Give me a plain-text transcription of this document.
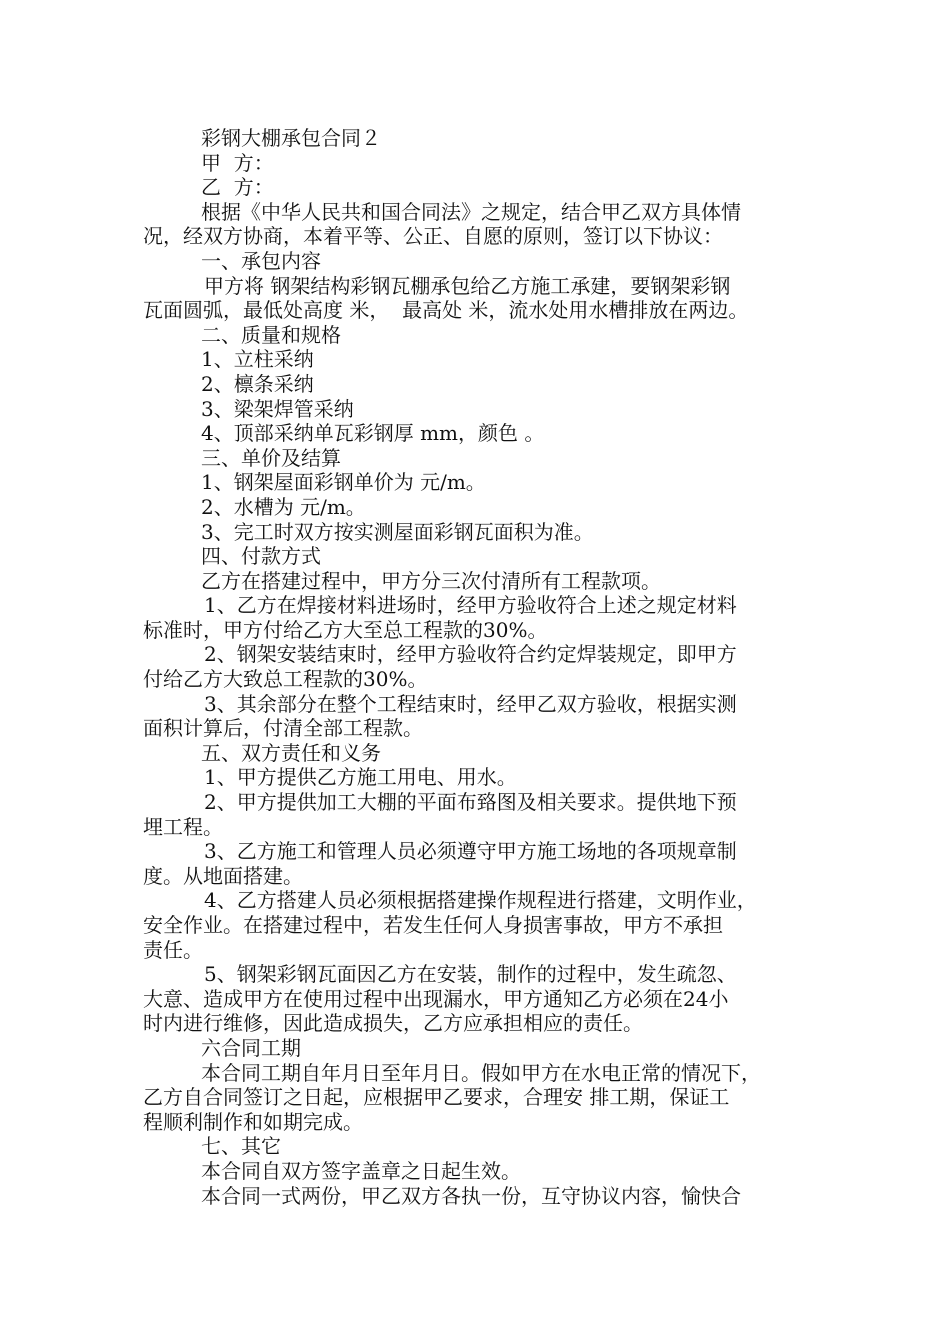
彩钢大棚承包合同２
甲  方：
乙  方：
根据《中华人民共和国合同法》之规定，结合甲乙双方具体情
况，经双方协商，本着平等、公正、自愿的原则，签订以下协议：
一、承包内容
甲方将 钢架结构彩钢瓦棚承包给乙方施工承建，要钢架彩钢
瓦面圆弧，最低处高度 米，  最高处 米，流水处用水槽排放在两边。
二、质量和规格
1、立柱采纳
2、檩条采纳
3、梁架焊管采纳
4、顶部采纳单瓦彩钢厚 mm，颜色 。
三、单价及结算
1、钢架屋面彩钢单价为 元/m。
2、水槽为 元/m。
3、完工时双方按实测屋面彩钢瓦面积为准。
四、付款方式
乙方在搭建过程中，甲方分三次付清所有工程款项。
1、乙方在焊接材料进场时，经甲方验收符合上述之规定材料
标准时，甲方付给乙方大至总工程款的30%。
2、钢架安装结束时，经甲方验收符合约定焊装规定，即甲方
付给乙方大致总工程款的30%。
3、其余部分在整个工程结束时，经甲乙双方验收，根据实测
面积计算后，付清全部工程款。
五、双方责任和义务
1、甲方提供乙方施工用电、用水。
2、甲方提供加工大棚的平面布臵图及相关要求。提供地下预
埋工程。
3、乙方施工和管理人员必须遵守甲方施工场地的各项规章制
度。从地面搭建。
4、乙方搭建人员必须根据搭建操作规程进行搭建，文明作业，
安全作业。在搭建过程中，若发生任何人身损害事故，甲方不承担
责任。
5、钢架彩钢瓦面因乙方在安装，制作的过程中，发生疏忽、
大意、造成甲方在使用过程中出现漏水，甲方通知乙方必须在24小
时内进行维修，因此造成损失，乙方应承担相应的责任。
六合同工期
本合同工期自年月日至年月日。假如甲方在水电正常的情况下，
乙方自合同签订之日起，应根据甲乙要求，合理安 排工期，保证工
程顺利制作和如期完成。
七、其它
本合同自双方签字盖章之日起生效。
本合同一式两份，甲乙双方各执一份，互守协议内容，愉快合
